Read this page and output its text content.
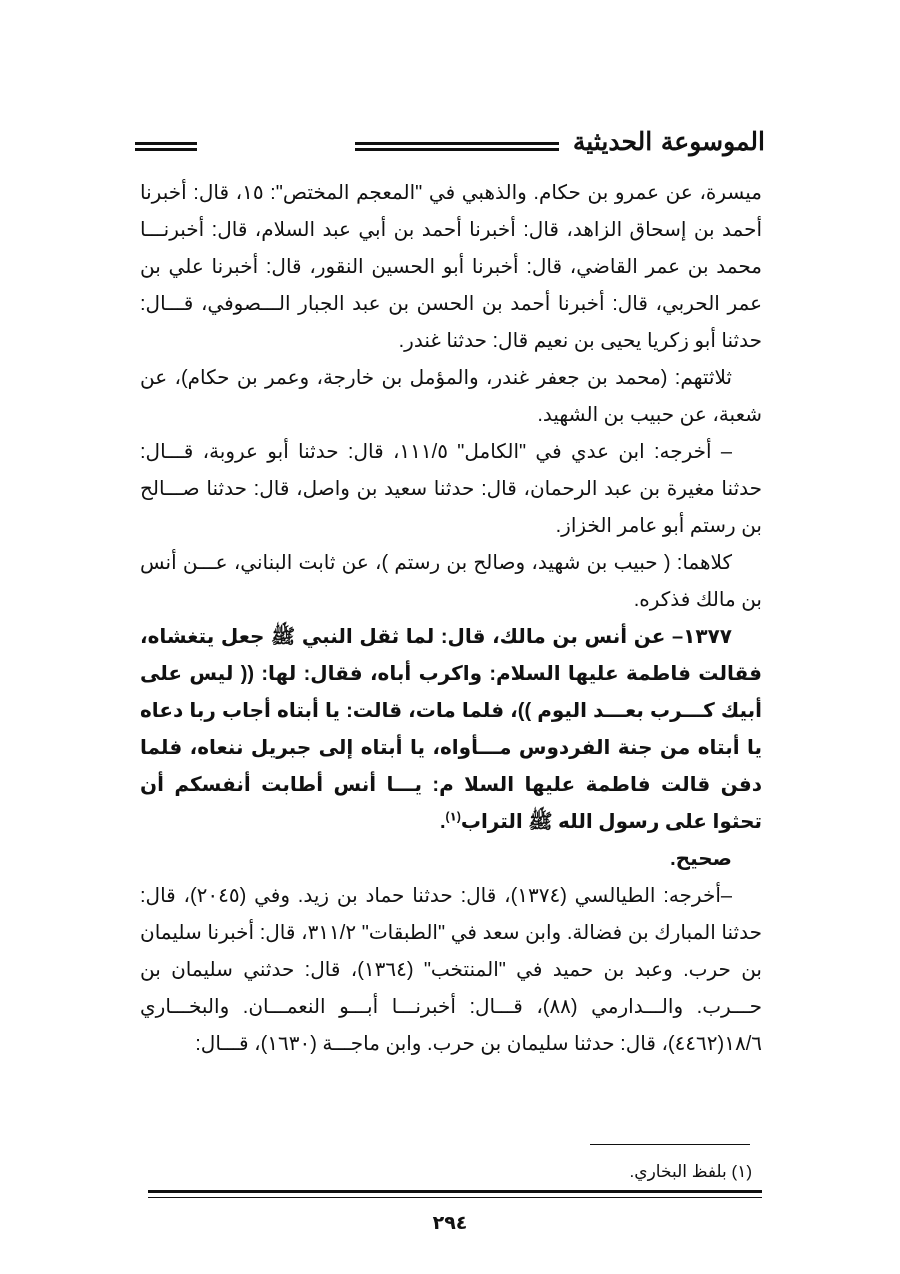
الموسوعة الحديثية

ميسرة، عن عمرو بن حكام. والذهبي في "المعجم المختص": ١٥، قال: أخبرنا أحمد بن إسحاق الزاهد، قال: أخبرنا أحمد بن أبي عبد السلام، قال: أخبرنـــا محمد بن عمر القاضي، قال: أخبرنا أبو الحسين النقور، قال: أخبرنا علي بن عمر الحربي، قال: أخبرنا أحمد بن الحسن بن عبد الجبار الـــصوفي، قـــال: حدثنا أبو زكريا يحيى بن نعيم قال: حدثنا غندر.

ثلاثتهم: (محمد بن جعفر غندر، والمؤمل بن خارجة، وعمر بن حكام)، عن شعبة، عن حبيب بن الشهيد.

– أخرجه: ابن عدي في "الكامل" ١١١/٥، قال: حدثنا أبو عروبة، قـــال: حدثنا مغيرة بن عبد الرحمان، قال: حدثنا سعيد بن واصل، قال: حدثنا صـــالح بن رستم أبو عامر الخزاز.

كلاهما: ( حبيب بن شهيد، وصالح بن رستم )، عن ثابت البناني، عـــن أنس بن مالك فذكره.

١٣٧٧– عن أنس بن مالك، قال: لما ثقل النبي ﷺ جعل يتغشاه، فقالت فاطمة عليها السلام: واكرب أباه، فقال: لها: (( ليس على أبيك كـــرب بعـــد اليوم ))، فلما مات، قالت: يا أبتاه أجاب ربا دعاه يا أبتاه من جنة الفردوس مـــأواه، يا أبتاه إلى جبريل ننعاه، فلما دفن قالت فاطمة عليها السلا م: يـــا أنس أطابت أنفسكم أن تحثوا على رسول الله ﷺ التراب$^{(١)}$.

صحيح.

–أخرجه: الطيالسي (١٣٧٤)، قال: حدثنا حماد بن زيد. وفي (٢٠٤٥)، قال: حدثنا المبارك بن فضالة. وابن سعد في "الطبقات" ٣١١/٢، قال: أخبرنا سليمان بن حرب. وعبد بن حميد في "المنتخب" (١٣٦٤)، قال: حدثني سليمان بن حـــرب. والـــدارمي (٨٨)، قـــال: أخبرنـــا أبـــو النعمـــان. والبخـــاري ١٨/٦(٤٤٦٢)، قال: حدثنا سليمان بن حرب. وابن ماجـــة (١٦٣٠)، قـــال:

(١) بلفظ البخاري.
٢٩٤
